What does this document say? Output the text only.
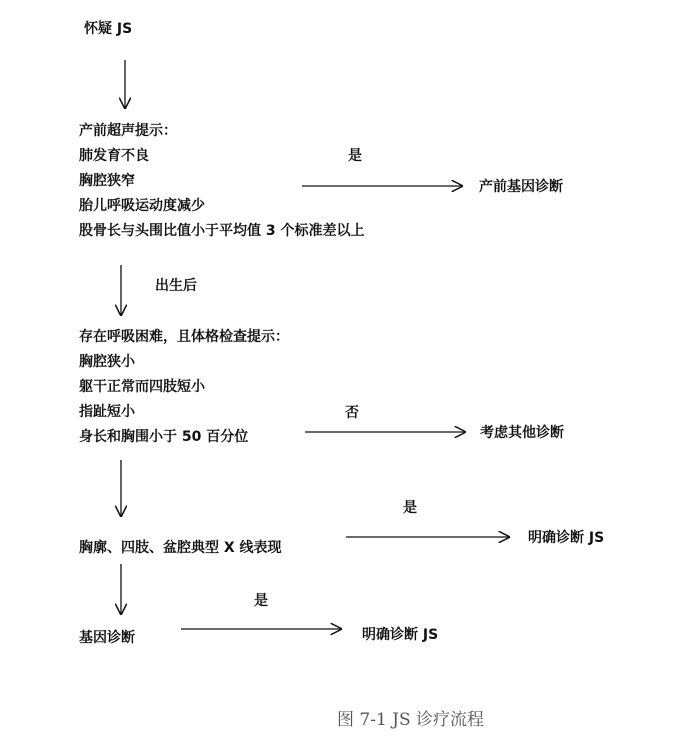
怀疑 JS
产前超声提示：
肺发育不良
胸腔狭窄
胎儿呼吸运动度减少
股骨长与头围比值小于平均值 3 个标准差以上
是
产前基因诊断
出生后
存在呼吸困难，且体格检查提示：
胸腔狭小
躯干正常而四肢短小
指趾短小
身长和胸围小于 50 百分位
否
考虑其他诊断
是
胸廓、四肢、盆腔典型 X 线表现
明确诊断 JS
是
基因诊断	明确诊断 JS
图 7-1 JS 诊疗流程
